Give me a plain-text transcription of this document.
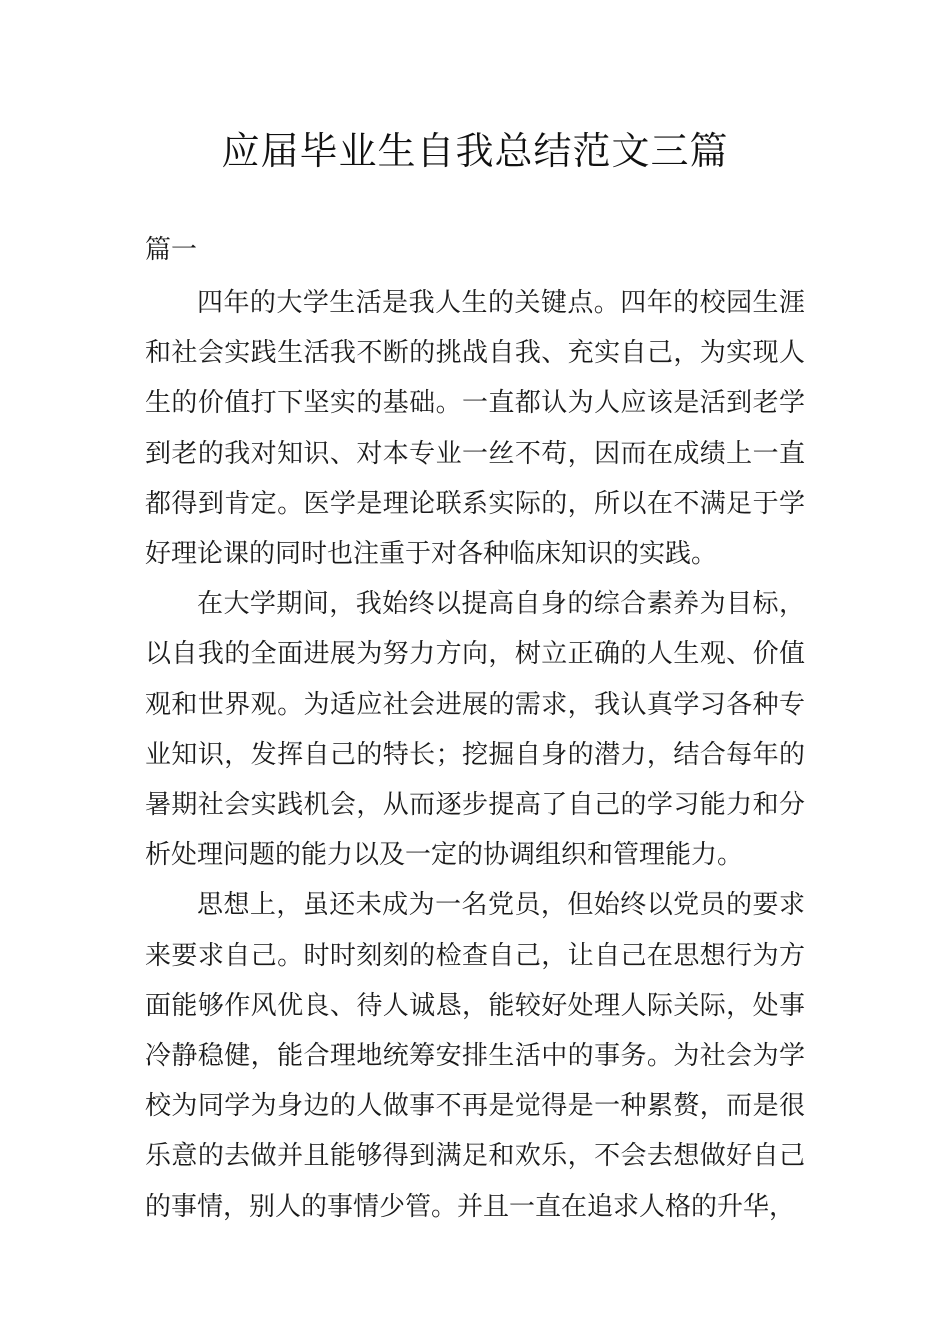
应届毕业生自我总结范文三篇
篇一

四年的大学生活是我人生的关键点。四年的校园生涯和社会实践生活我不断的挑战自我、充实自己，为实现人生的价值打下坚实的基础。一直都认为人应该是活到老学到老的我对知识、对本专业一丝不苟，因而在成绩上一直都得到肯定。医学是理论联系实际的，所以在不满足于学好理论课的同时也注重于对各种临床知识的实践。

在大学期间，我始终以提高自身的综合素养为目标，以自我的全面进展为努力方向，树立正确的人生观、价值观和世界观。为适应社会进展的需求，我认真学习各种专业知识，发挥自己的特长；挖掘自身的潜力，结合每年的暑期社会实践机会，从而逐步提高了自己的学习能力和分析处理问题的能力以及一定的协调组织和管理能力。

思想上，虽还未成为一名党员，但始终以党员的要求来要求自己。时时刻刻的检查自己，让自己在思想行为方面能够作风优良、待人诚恳，能较好处理人际关际，处事冷静稳健，能合理地统筹安排生活中的事务。为社会为学校为同学为身边的人做事不再是觉得是一种累赘，而是很乐意的去做并且能够得到满足和欢乐，不会去想做好自己的事情，别人的事情少管。并且一直在追求人格的升华，
